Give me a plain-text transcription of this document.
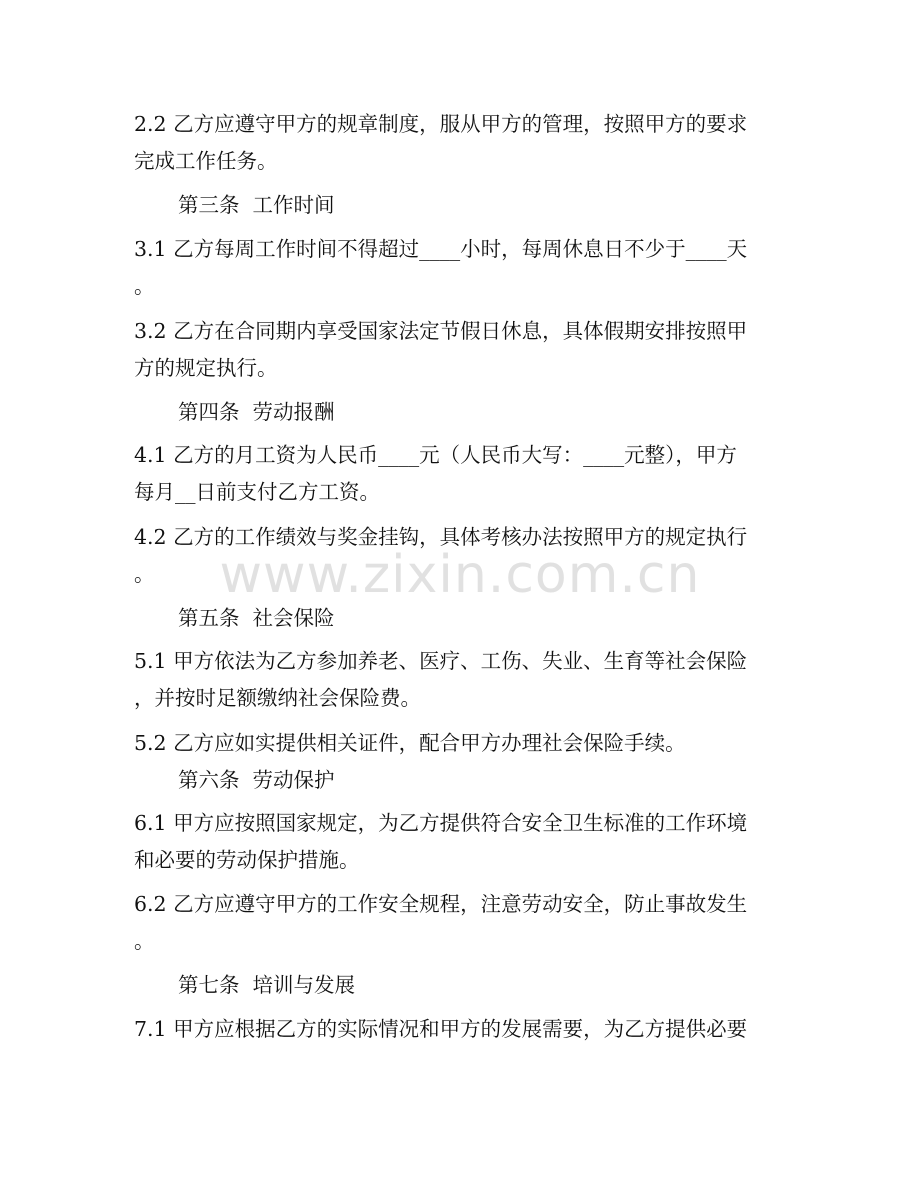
2.2 乙方应遵守甲方的规章制度，服从甲方的管理，按照甲方的要求
完成工作任务。
第三条  工作时间
3.1 乙方每周工作时间不得超过____小时，每周休息日不少于____天
。
3.2 乙方在合同期内享受国家法定节假日休息，具体假期安排按照甲
方的规定执行。
第四条  劳动报酬
4.1 乙方的月工资为人民币____元（人民币大写：____元整），甲方
每月__日前支付乙方工资。
4.2 乙方的工作绩效与奖金挂钩，具体考核办法按照甲方的规定执行
。
第五条  社会保险
5.1 甲方依法为乙方参加养老、医疗、工伤、失业、生育等社会保险
，并按时足额缴纳社会保险费。
5.2 乙方应如实提供相关证件，配合甲方办理社会保险手续。
第六条  劳动保护
6.1 甲方应按照国家规定，为乙方提供符合安全卫生标准的工作环境
和必要的劳动保护措施。
6.2 乙方应遵守甲方的工作安全规程，注意劳动安全，防止事故发生
。
第七条  培训与发展
7.1 甲方应根据乙方的实际情况和甲方的发展需要，为乙方提供必要
www.zixin.com.cn
